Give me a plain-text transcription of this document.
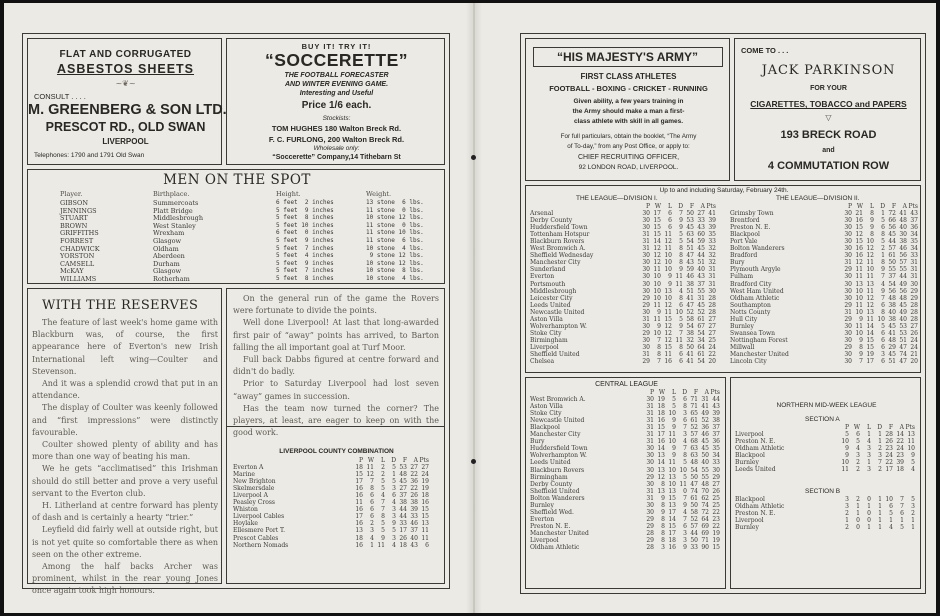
FLAT AND CORRUGATED
ASBESTOS SHEETS
~❦~
CONSULT . . . .
M. GREENBERG & SON LTD.
PRESCOT RD., OLD SWAN
LIVERPOOL
Telephones: 1790 and 1791 Old Swan
BUY IT! TRY IT!
“SOCCERETTE”
THE FOOTBALL FORECASTER
AND WINTER EVENING GAME.
Interesting and Useful
Price 1/6 each.
Stockists:
TOM HUGHES 180 Walton Breck Rd.
F. C. FURLONG, 200 Walton Breck Rd.
Wholesale only:
“Soccerette” Company,14 Tithebarn St
MEN ON THE SPOT
Player.	Birthplace.	Height.	Weight.
GIBSON	Summercoats	6 feet  2 inches	13 stone  6 lbs.
JENNINGS	Platt Bridge	5 feet  9 inches	11 stone  0 lbs.
STUART	Middlesbrough	5 feet  8 inches	10 stone 12 lbs.
BROWN	West Stanley	5 feet 10 inches	11 stone  0 lbs.
GRIFFITHS	Wrexham	6 feet  0 inches	11 stone 10 lbs.
FORREST	Glasgow	5 feet  9 inches	11 stone  6 lbs.
CHADWICK	Oldham	5 feet  7 inches	10 stone  4 lbs.
YORSTON	Aberdeen	5 feet  4 inches	9 stone 12 lbs.
CAMSELL	Durham	5 feet  9 inches	10 stone 12 lbs.
McKAY	Glasgow	5 feet  7 inches	10 stone  8 lbs.
WILLIAMS	Rotherham	5 feet  8 inches	10 stone  4 lbs.
WITH THE RESERVES

The feature of last week's home game with Blackburn was, of course, the first appearance here of Everton's new Irish International left wing—Coulter and Stevenson.

And it was a splendid crowd that put in an attendance.

The display of Coulter was keenly followed and “first impressions” were distinctly favourable.

Coulter showed plenty of ability and has more than one way of beating his man.

We he gets “acclimatised” this Irishman should do still better and prove a very useful servant to the Everton club.

H. Litherland at centre forward has plenty of dash and is certainly a hearty “trier.”

Leyfield did fairly well at outside right, but is not yet quite so comfortable there as when seen on the other extreme.

Among the half backs Archer was prominent, whilst in the rear young Jones once again took high honours.

On the general run of the game the Rovers were fortunate to divide the points.

Well done Liverpool! At last that long-awarded first pair of “away” points has arrived, to Barton falling the all important goal at Turf Moor.

Full back Dabbs figured at centre forward and didn't do badly.

Prior to Saturday Liverpool had lost seven “away” games in succession.

Has the team now turned the corner? The players, at least, are eager to keep on with the good work.

LIVERPOOL COUNTY COMBINATION
	P	W	L	D	F	A	Pts
Everton A	18	11	2	5	53	27	27
Marine	15	12	2	1	48	22	24
New Brighton	17	7	5	5	45	36	19
Skelmersdale	16	8	5	3	27	22	19
Liverpool A	16	6	4	6	37	26	18
Peasley Cross	11	6	7	4	38	38	16
Whiston	16	6	7	3	44	39	15
Liverpool Cables	17	6	8	3	44	33	15
Hoylake	16	2	5	9	33	46	13
Ellesmere Port T.	13	3	5	5	17	37	11
Prescot Cables	18	4	9	3	26	40	11
Northern Nomads	16	1	11	4	18	43	6
“HIS MAJESTY'S ARMY”
FIRST CLASS ATHLETES
FOOTBALL - BOXING - CRICKET - RUNNING
Given ability, a few years training in
the Army should make a man a first-
class athlete with skill in all games.
For full particulars, obtain the booklet, “The Army
of To-day,” from any Post Office, or apply to:
CHIEF RECRUITING OFFICER,
92 LONDON ROAD, LIVERPOOL.
COME TO . . .
JACK PARKINSON
FOR YOUR
CIGARETTES, TOBACCO and PAPERS
▽
193 BRECK ROAD
and
4 COMMUTATION ROW
Up to and including Saturday, February 24th.
THE LEAGUE—DIVISION I.	THE LEAGUE—DIVISION II.
	P	W	L	D	F	A	Pts
Arsenal	30	17	6	7	50	27	41
Derby County	30	15	6	9	53	33	39
Huddersfield Town	30	15	6	9	45	43	39
Tottenham Hotspur	31	15	11	5	63	60	35
Blackburn Rovers	31	14	12	5	54	59	33
West Bromwich A.	31	12	11	8	51	45	32
Sheffield Wednesday	30	12	10	8	47	44	32
Manchester City	30	12	10	8	43	51	32
Sunderland	30	11	10	9	59	40	31
Everton	30	10	9	11	46	43	31
Portsmouth	30	10	9	11	38	37	31
Middlesbrough	30	10	13	4	51	55	30
Leicester City	29	10	10	8	41	31	28
Leeds United	29	11	12	6	47	45	28
Newcastle United	30	9	11	10	52	52	28
Aston Villa	31	11	15	5	58	61	27
Wolverhampton W.	30	9	12	9	54	67	27
Stoke City	29	10	12	7	38	54	27
Birmingham	30	7	12	11	32	34	25
Liverpool	30	8	15	8	50	64	24
Sheffield United	31	8	11	6	41	61	22
Chelsea	29	7	16	6	41	54	20
	P	W	L	D	F	A	Pts
Grimsby Town	30	21	8	1	72	41	43
Brentford	30	16	9	5	66	48	37
Preston N. E.	30	15	9	6	56	40	36
Blackpool	30	12	8	8	45	30	34
Port Vale	30	15	10	5	44	38	35
Bolton Wanderers	30	16	12	2	57	46	34
Bradford	30	16	12	1	61	56	33
Bury	31	12	11	8	50	57	31
Plymouth Argyle	29	11	10	9	55	55	31
Fulham	30	11	11	7	37	44	31
Bradford City	30	13	13	4	54	49	30
West Ham United	30	10	11	9	56	56	29
Oldham Athletic	30	10	12	7	48	48	29
Southampton	29	11	12	6	38	45	28
Notts County	31	10	13	8	40	49	28
Hull City	29	9	11	10	38	40	28
Burnley	30	11	14	5	45	53	27
Swansea Town	30	10	14	6	41	53	26
Nottingham Forest	30	9	15	6	48	51	24
Millwall	29	8	15	6	29	47	24
Manchester United	30	9	19	3	45	74	21
Lincoln City	30	7	17	6	51	47	20
CENTRAL LEAGUE
	P	W	L	D	F	A	Pts
West Bromwich A.	30	19	5	6	71	31	44
Aston Villa	31	18	5	8	71	41	43
Stoke City	31	18	10	3	65	49	39
Newcastle United	31	16	9	6	61	52	38
Blackpool	31	15	9	7	52	36	37
Manchester City	31	17	11	3	57	46	37
Bury	31	16	10	4	68	45	36
Huddersfield Town	30	14	9	7	63	45	35
Wolverhampton W.	30	13	9	8	63	50	34
Leeds United	30	14	11	5	48	40	33
Blackburn Rovers	30	13	10	10	54	55	30
Birmingham	29	12	13	5	50	55	29
Derby County	30	8	10	11	47	48	27
Sheffield United	31	13	13	0	74	70	26
Bolton Wanderers	31	9	15	7	61	62	25
Burnley	30	8	13	9	50	74	25
Sheffield Wed.	30	9	17	4	58	72	22
Everton	29	8	14	7	52	64	23
Preston N. E.	29	8	15	6	57	69	22
Manchester United	28	8	17	3	44	69	19
Liverpool	29	8	18	3	50	71	19
Oldham Athletic	28	3	16	9	33	90	15
NORTHERN MID-WEEK LEAGUE
SECTION A
	P	W	L	D	F	A	Pts
Liverpool	5	6	1	1	28	14	13
Preston N. E.	10	5	4	1	26	22	11
Oldham Athletic	9	4	3	2	23	24	10
Blackpool	9	3	3	3	24	23	9
Burnley	10	2	1	7	22	39	5
Leeds United	11	2	3	2	17	18	4
SECTION B
Blackpool	3	2	0	1	10	7	5
Oldham Athletic	3	1	1	1	6	7	3
Preston N. E.	2	1	0	1	5	6	2
Liverpool	1	0	0	1	1	1	1
Burnley	2	0	1	1	4	5	1
